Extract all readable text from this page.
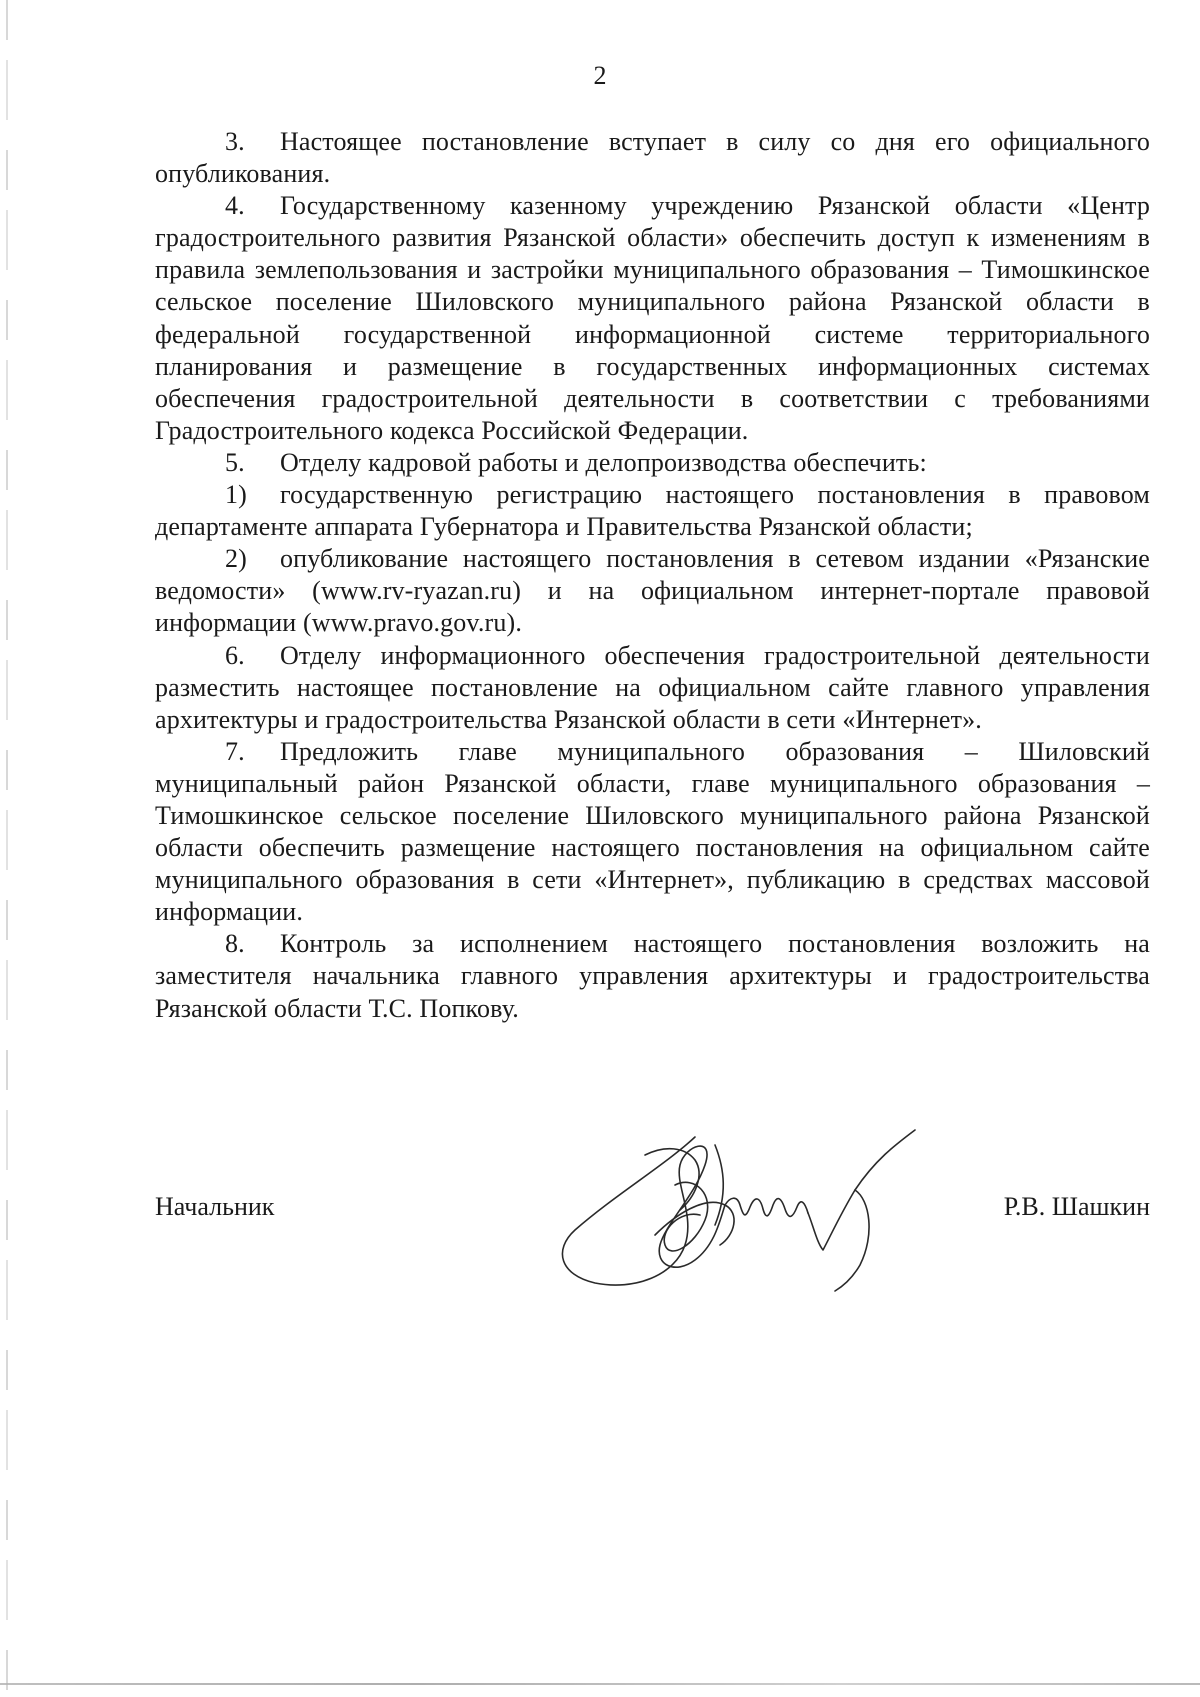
2

3. Настоящее постановление вступает в силу со дня его официального опубликования.

4. Государственному казенному учреждению Рязанской области «Центр градостроительного развития Рязанской области» обеспечить доступ к изменениям в правила землепользования и застройки муниципального образования – Тимошкинское сельское поселение Шиловского муниципального района Рязанской области в федеральной государственной информационной системе территориального планирования и размещение в государственных информационных системах обеспечения градостроительной деятельности в соответствии с требованиями Градостроительного кодекса Российской Федерации.

5. Отделу кадровой работы и делопроизводства обеспечить:

1) государственную регистрацию настоящего постановления в правовом департаменте аппарата Губернатора и Правительства Рязанской области;

2) опубликование настоящего постановления в сетевом издании «Рязанские ведомости» (www.rv-ryazan.ru) и на официальном интернет-портале правовой информации (www.pravo.gov.ru).

6. Отделу информационного обеспечения градостроительной деятельности разместить настоящее постановление на официальном сайте главного управления архитектуры и градостроительства Рязанской области в сети «Интернет».

7. Предложить главе муниципального образования – Шиловский муниципальный район Рязанской области, главе муниципального образования – Тимошкинское сельское поселение Шиловского муниципального района Рязанской области обеспечить размещение настоящего постановления на официальном сайте муниципального образования в сети «Интернет», публикацию в средствах массовой информации.

8. Контроль за исполнением настоящего постановления возложить на заместителя начальника главного управления архитектуры и градостроительства Рязанской области Т.С. Попкову.

Начальник	Р.В. Шашкин
